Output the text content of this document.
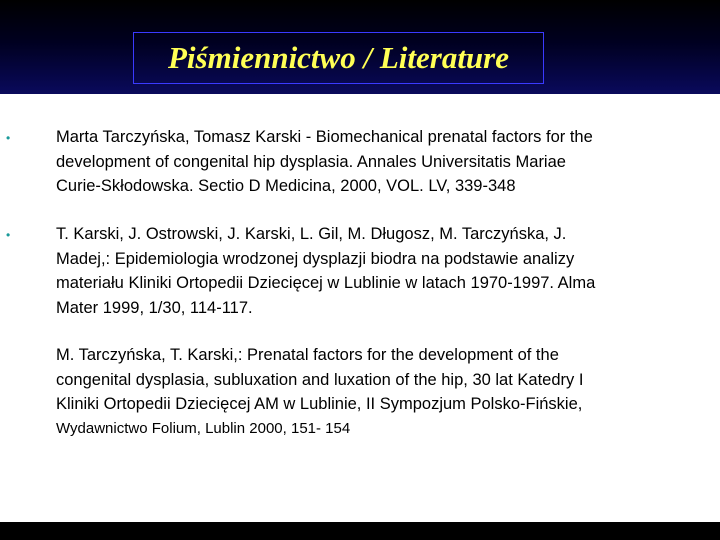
Piśmiennictwo / Literature
•	Marta Tarczyńska, Tomasz Karski - Biomechanical prenatal factors for the
development of congenital hip dysplasia. Annales Universitatis Mariae
Curie-Skłodowska. Sectio D Medicina, 2000, VOL. LV, 339-348
•	T. Karski, J. Ostrowski, J. Karski, L. Gil, M. Długosz, M. Tarczyńska, J.
Madej,: Epidemiologia wrodzonej dysplazji biodra na podstawie analizy
materiału Kliniki Ortopedii Dziecięcej w Lublinie w latach 1970-1997. Alma
Mater 1999, 1/30, 114-117.
M. Tarczyńska, T. Karski,: Prenatal factors for the development of the
congenital dysplasia, subluxation and luxation of the hip, 30 lat Katedry I
Kliniki Ortopedii Dziecięcej AM w Lublinie, II Sympozjum Polsko-Fińskie,
Wydawnictwo Folium, Lublin 2000, 151- 154
